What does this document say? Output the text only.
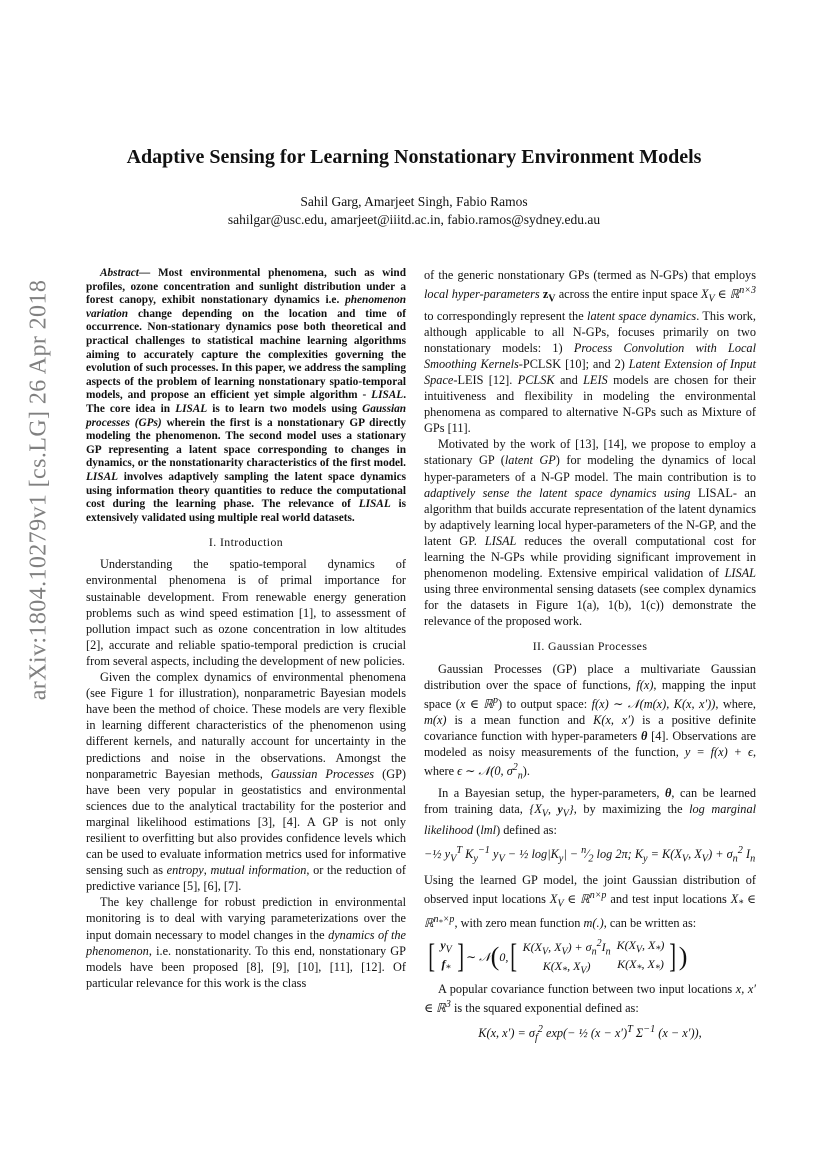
arXiv:1804.10279v1 [cs.LG] 26 Apr 2018
Adaptive Sensing for Learning Nonstationary Environment Models
Sahil Garg, Amarjeet Singh, Fabio Ramos
sahilgar@usc.edu, amarjeet@iiitd.ac.in, fabio.ramos@sydney.edu.au

Abstract— Most environmental phenomena, such as wind profiles, ozone concentration and sunlight distribution under a forest canopy, exhibit nonstationary dynamics i.e. phenomenon variation change depending on the location and time of occurrence. Non-stationary dynamics pose both theoretical and practical challenges to statistical machine learning algorithms aiming to accurately capture the complexities governing the evolution of such processes. In this paper, we address the sampling aspects of the problem of learning nonstationary spatio-temporal models, and propose an efficient yet simple algorithm - LISAL. The core idea in LISAL is to learn two models using Gaussian processes (GPs) wherein the first is a nonstationary GP directly modeling the phenomenon. The second model uses a stationary GP representing a latent space corresponding to changes in dynamics, or the nonstationarity characteristics of the first model. LISAL involves adaptively sampling the latent space dynamics using information theory quantities to reduce the computational cost during the learning phase. The relevance of LISAL is extensively validated using multiple real world datasets.

I. Introduction

Understanding the spatio-temporal dynamics of environmental phenomena is of primal importance for sustainable development. From renewable energy generation problems such as wind speed estimation [1], to assessment of pollution impact such as ozone concentration in low altitudes [2], accurate and reliable spatio-temporal prediction is crucial from several aspects, including the development of new policies.

Given the complex dynamics of environmental phenomena (see Figure 1 for illustration), nonparametric Bayesian models have been the method of choice. These models are very flexible in learning different characteristics of the phenomenon using different kernels, and naturally account for uncertainty in the predictions and noise in the observations. Amongst the nonparametric Bayesian methods, Gaussian Processes (GP) have been very popular in geostatistics and environmental sciences due to the analytical tractability for the posterior and marginal likelihood estimations [3], [4]. A GP is not only resilient to overfitting but also provides confidence levels which can be used to evaluate information metrics used for informative sensing such as entropy, mutual information, or the reduction of predictive variance [5], [6], [7].

The key challenge for robust prediction in environmental monitoring is to deal with varying parameterizations over the input domain necessary to model changes in the dynamics of the phenomenon, i.e. nonstationarity. To this end, nonstationary GP models have been proposed [8], [9], [10], [11], [12]. Of particular relevance for this work is the class

of the generic nonstationary GPs (termed as N-GPs) that employs local hyper-parameters $z_V$ across the entire input space $X_V$ ∈ ℝ$^{n\times 3}$ to correspondingly represent the latent space dynamics. This work, although applicable to all N-GPs, focuses primarily on two nonstationary models: 1) Process Convolution with Local Smoothing Kernels-PCLSK [10]; and 2) Latent Extension of Input Space-LEIS [12]. PCLSK and LEIS models are chosen for their intuitiveness and flexibility in modeling the environmental phenomena as compared to alternative N-GPs such as Mixture of GPs [11].

Motivated by the work of [13], [14], we propose to employ a stationary GP (latent GP) for modeling the dynamics of local hyper-parameters of a N-GP model. The main contribution is to adaptively sense the latent space dynamics using LISAL- an algorithm that builds accurate representation of the latent dynamics by adaptively learning local hyper-parameters of the N-GP, and the latent GP. LISAL reduces the overall computational cost for learning the N-GPs while providing significant improvement in phenomenon modeling. Extensive empirical validation of LISAL using three environmental sensing datasets (see complex dynamics for the datasets in Figure 1(a), 1(b), 1(c)) demonstrate the relevance of the proposed work.

II. Gaussian Processes

Gaussian Processes (GP) place a multivariate Gaussian distribution over the space of functions, f(x), mapping the input space (x ∈ ℝ$^p$) to output space: f(x) ∼ 𝒩(m(x), K(x, x′)), where, m(x) is a mean function and K(x, x′) is a positive definite covariance function with hyper-parameters θ [4]. Observations are modeled as noisy measurements of the function, y = f(x) + ϵ, where ϵ ∼ 𝒩(0, $\sigma^2_n$).

In a Bayesian setup, the hyper-parameters, θ, can be learned from training data, {$X_V$, $y_V$}, by maximizing the log marginal likelihood (lml) defined as:

−½ $y_V^T$ $K_y^{-1}$ $y_V$ − ½ $\log|K_y|$ − $^n⁄_2$ log 2π; $K_y = K(X_V$, $X_V) + \sigma_n^2$ $I_n$

Using the learned GP model, the joint Gaussian distribution of observed input locations $X_V$ ∈ ℝ$^{n\times p}$ and test input locations $X_*$ ∈ ℝ$^{n_*\times p}$, with zero mean function m(.), can be written as:

[ $y_V$
$f_*$ ] ∼ 𝒩 ( 0, [ $K(X_V$, $X_V) + \sigma_n^2I_n$
$K(X_*$, $X_V$)
$K(X_V$, $X_*$)
$K(X_*$, $X_*$) ] )

A popular covariance function between two input locations x, x′ ∈ ℝ$^3$ is the squared exponential defined as:

K(x, $x') = \sigma_f^2$ exp(− ½ $(x - x')^T$ $\Sigma^{-1}$ (x − x′)),
